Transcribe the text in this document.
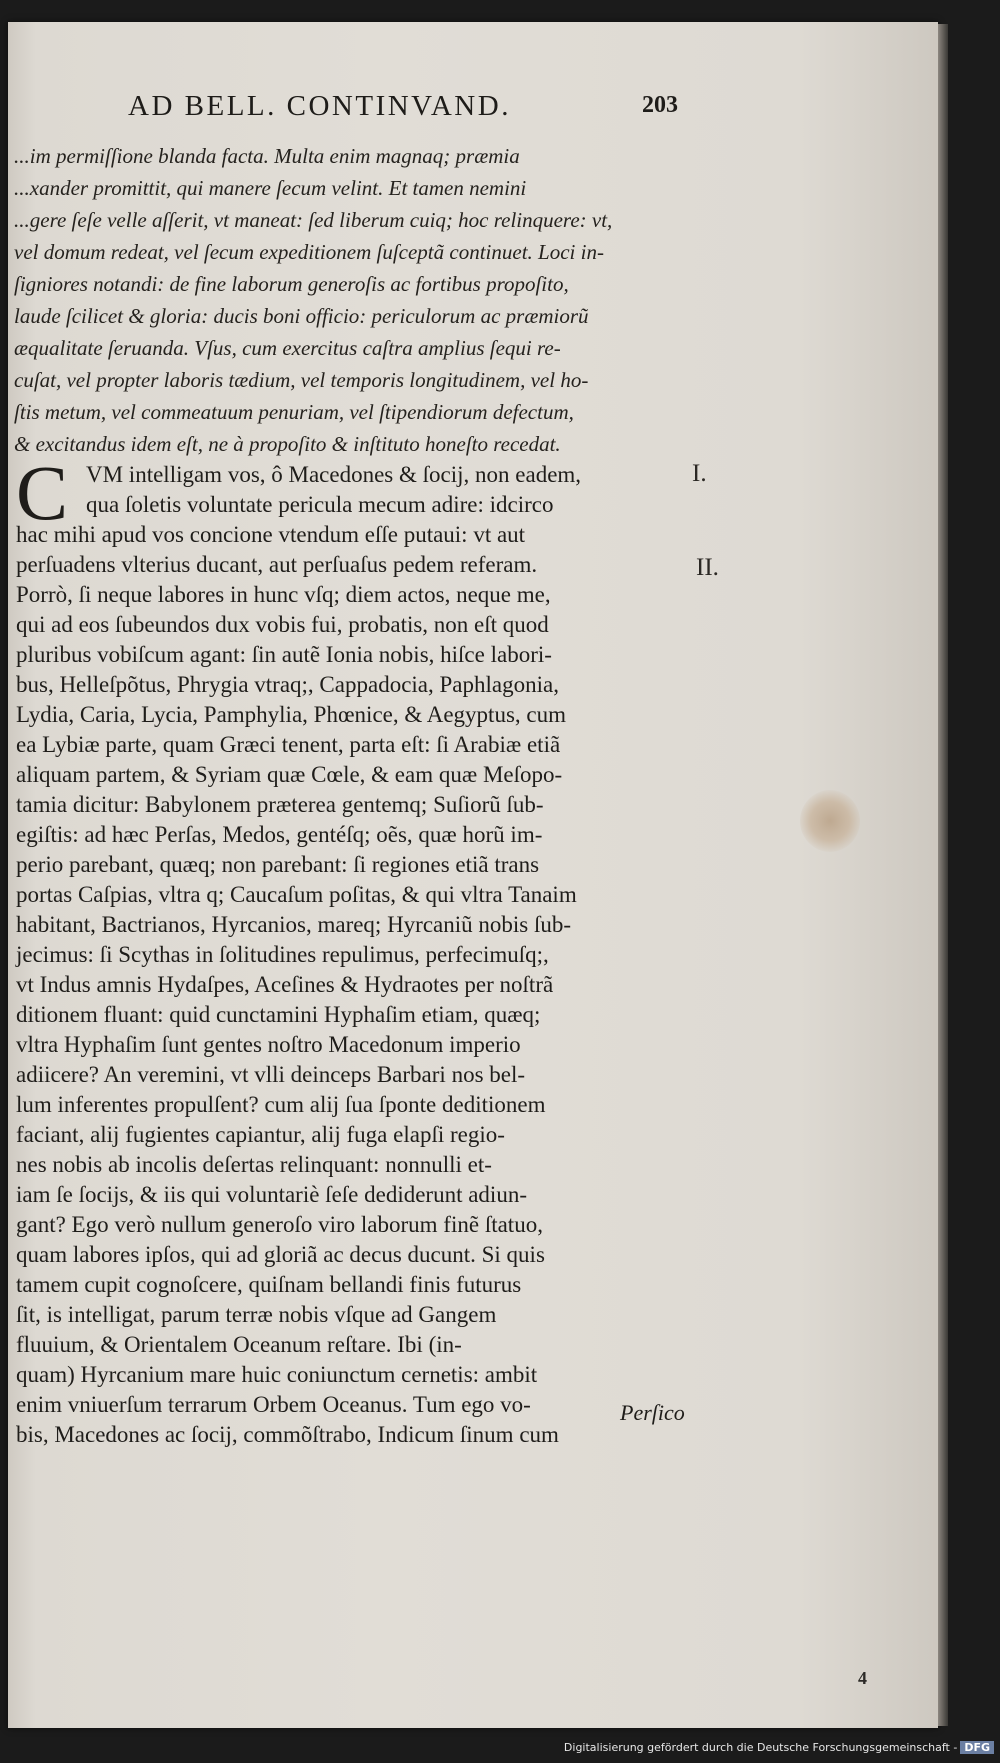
AD BELL. CONTINVAND.	203
...im permiſſione blanda facta. Multa enim magnaq; præmia
...xander promittit, qui manere ſecum velint. Et tamen nemini
...gere ſeſe velle aſſerit, vt maneat: ſed liberum cuiq; hoc relinquere: vt,
vel domum redeat, vel ſecum expeditionem ſuſceptã continuet. Loci in-
ſigniores notandi: de fine laborum generoſis ac fortibus propoſito,
laude ſcilicet & gloria: ducis boni officio: periculorum ac præmiorũ
æqualitate ſeruanda. Vſus, cum exercitus caſtra amplius ſequi re-
cuſat, vel propter laboris tædium, vel temporis longitudinem, vel ho-
ſtis metum, vel commeatuum penuriam, vel ſtipendiorum defectum,
& excitandus idem eſt, ne à propoſito & inſtituto honeſto recedat.
C VM intelligam vos, ô Macedones & ſocij, non eadem,
qua ſoletis voluntate pericula mecum adire: idcirco
hac mihi apud vos concione vtendum eſſe putaui: vt aut
perſuadens vlterius ducant, aut perſuaſus pedem referam.
Porrò, ſi neque labores in hunc vſq; diem actos, neque me,
qui ad eos ſubeundos dux vobis fui, probatis, non eſt quod
pluribus vobiſcum agant: ſin autẽ Ionia nobis, hiſce labori-
bus, Helleſpõtus, Phrygia vtraq;, Cappadocia, Paphlagonia,
Lydia, Caria, Lycia, Pamphylia, Phœnice, & Aegyptus, cum
ea Lybiæ parte, quam Græci tenent, parta eſt: ſi Arabiæ etiã
aliquam partem, & Syriam quæ Cœle, & eam quæ Meſopo-
tamia dicitur: Babylonem præterea gentemq; Suſiorũ ſub-
egiſtis: ad hæc Perſas, Medos, gentéſq; oẽs, quæ horũ im-
perio parebant, quæq; non parebant: ſi regiones etiã trans
portas Caſpias, vltra q; Caucaſum poſitas, & qui vltra Tanaim
habitant, Bactrianos, Hyrcanios, mareq; Hyrcaniũ nobis ſub-
jecimus: ſi Scythas in ſolitudines repulimus, perfecimuſq;,
vt Indus amnis Hydaſpes, Aceſines & Hydraotes per noſtrã
ditionem fluant: quid cunctamini Hyphaſim etiam, quæq;
vltra Hyphaſim ſunt gentes noſtro Macedonum imperio
adiicere? An veremini, vt vlli deinceps Barbari nos bel-
lum inferentes propulſent? cum alij ſua ſponte deditionem
faciant, alij fugientes capiantur, alij fuga elapſi regio-
nes nobis ab incolis deſertas relinquant: nonnulli et-
iam ſe ſocijs, & iis qui voluntariè ſeſe dediderunt adiun-
gant? Ego verò nullum generoſo viro laborum finẽ ſtatuo,
quam labores ipſos, qui ad gloriã ac decus ducunt. Si quis
tamem cupit cognoſcere, quiſnam bellandi finis futurus
ſit, is intelligat, parum terræ nobis vſque ad Gangem
fluuium, & Orientalem Oceanum reſtare. Ibi (in-
quam) Hyrcanium mare huic coniunctum cernetis: ambit
enim vniuerſum terrarum Orbem Oceanus. Tum ego vo-
bis, Macedones ac ſocij, commõſtrabo, Indicum ſinum cum
I.
II.
Perſico
4
Digitalisierung gefördert durch die Deutsche Forschungsgemeinschaft - DFG
